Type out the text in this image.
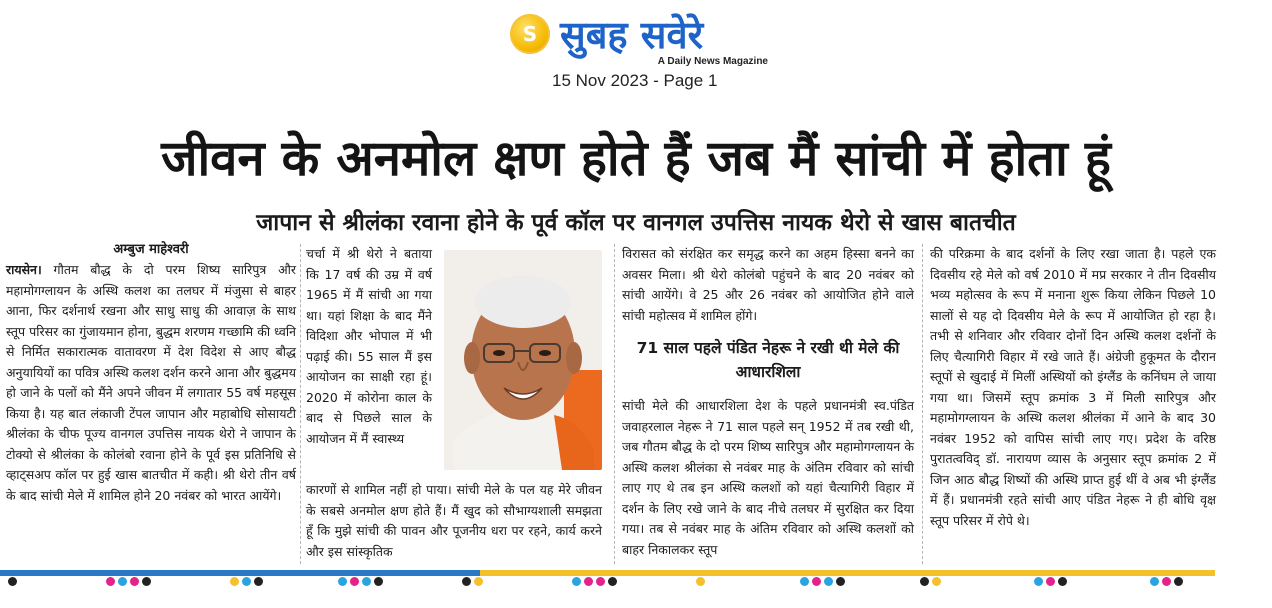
S सुबह सवेरे
A Daily News Magazine
15 Nov 2023 - Page 1
जीवन के अनमोल क्षण होते हैं जब मैं सांची में होता हूं
जापान से श्रीलंका रवाना होने के पूर्व कॉल पर वानगल उपत्तिस नायक थेरो से खास बातचीत
अम्बुज माहेश्वरी

रायसेन। गौतम बौद्ध के दो परम शिष्य सारिपुत्र और महामोगग्लायन के अस्थि कलश का तलघर में मंजुसा से बाहर आना, फिर दर्शनार्थ रखना और साधु साधु की आवाज़ के साथ स्तूप परिसर का गुंजायमान होना, बुद्धम शरणम गच्छामि की ध्वनि से निर्मित सकारात्मक वातावरण में देश विदेश से आए बौद्ध अनुयायियों का पवित्र अस्थि कलश दर्शन करने आना और बुद्धमय हो जाने के पलों को मैंने अपने जीवन में लगातार 55 वर्ष महसूस किया है। यह बात लंकाजी टेंपल जापान और महाबोधि सोसायटी श्रीलंका के चीफ पूज्य वानगल उपत्तिस नायक थेरो ने जापान के टोक्यो से श्रीलंका के कोलंबो रवाना होने के पूर्व इस प्रतिनिधि से व्हाट्सअप कॉल पर हुई खास बातचीत में कही। श्री थेरो तीन वर्ष के बाद सांची मेले में शामिल होने 20 नवंबर को भारत आयेंगे।

चर्चा में श्री थेरो ने बताया कि 17 वर्ष की उम्र में वर्ष 1965 में मैं सांची आ गया था। यहां शिक्षा के बाद मैंने विदिशा और भोपाल में भी पढ़ाई की। 55 साल मैं इस आयोजन का साक्षी रहा हूं। 2020 में कोरोना काल के बाद से पिछले साल के आयोजन में मैं स्वास्थ्य

कारणों से शामिल नहीं हो पाया। सांची मेले के पल यह मेरे जीवन के सबसे अनमोल क्षण होते हैं। मैं खुद को सौभाग्यशाली समझता हूँ कि मुझे सांची की पावन और पूजनीय धरा पर रहने, कार्य करने और इस सांस्कृतिक

विरासत को संरक्षित कर समृद्ध करने का अहम हिस्सा बनने का अवसर मिला। श्री थेरो कोलंबो पहुंचने के बाद 20 नवंबर को सांची आयेंगे। वे 25 और 26 नवंबर को आयोजित होने वाले सांची महोत्सव में शामिल होंगे।

71 साल पहले पंडित नेहरू ने रखी थी मेले की आधारशिला

सांची मेले की आधारशिला देश के पहले प्रधानमंत्री स्व.पंडित जवाहरलाल नेहरू ने 71 साल पहले सन् 1952 में तब रखी थी, जब गौतम बौद्ध के दो परम शिष्य सारिपुत्र और महामोगग्लायन के अस्थि कलश श्रीलंका से नवंबर माह के अंतिम रविवार को सांची लाए गए थे तब इन अस्थि कलशों को यहां चैत्यागिरी विहार में दर्शन के लिए रखे जाने के बाद नीचे तलघर में सुरक्षित कर दिया गया। तब से नवंबर माह के अंतिम रविवार को अस्थि कलशों को बाहर निकालकर स्तूप

की परिक्रमा के बाद दर्शनों के लिए रखा जाता है। पहले एक दिवसीय रहे मेले को वर्ष 2010 में मप्र सरकार ने तीन दिवसीय भव्य महोत्सव के रूप में मनाना शुरू किया लेकिन पिछले 10 सालों से यह दो दिवसीय मेले के रूप में आयोजित हो रहा है। तभी से शनिवार और रविवार दोनों दिन अस्थि कलश दर्शनों के लिए चैत्यागिरी विहार में रखे जाते हैं। अंग्रेजी हुकूमत के दौरान स्तूपों से खुदाई में मिलीं अस्थियों को इंग्लैंड के कनिंघम ले जाया गया था। जिसमें स्तूप क्रमांक 3 में मिली सारिपुत्र और महामोगग्लायन के अस्थि कलश श्रीलंका में आने के बाद 30 नवंबर 1952 को वापिस सांची लाए गए। प्रदेश के वरिष्ठ पुरातत्वविद् डॉ. नारायण व्यास के अनुसार स्तूप क्रमांक 2 में जिन आठ बौद्ध शिष्यों की अस्थि प्राप्त हुई थीं वे अब भी इंग्लैंड में हैं। प्रधानमंत्री रहते सांची आए पंडित नेहरू ने ही बोधि वृक्ष स्तूप परिसर में रोपे थे।
